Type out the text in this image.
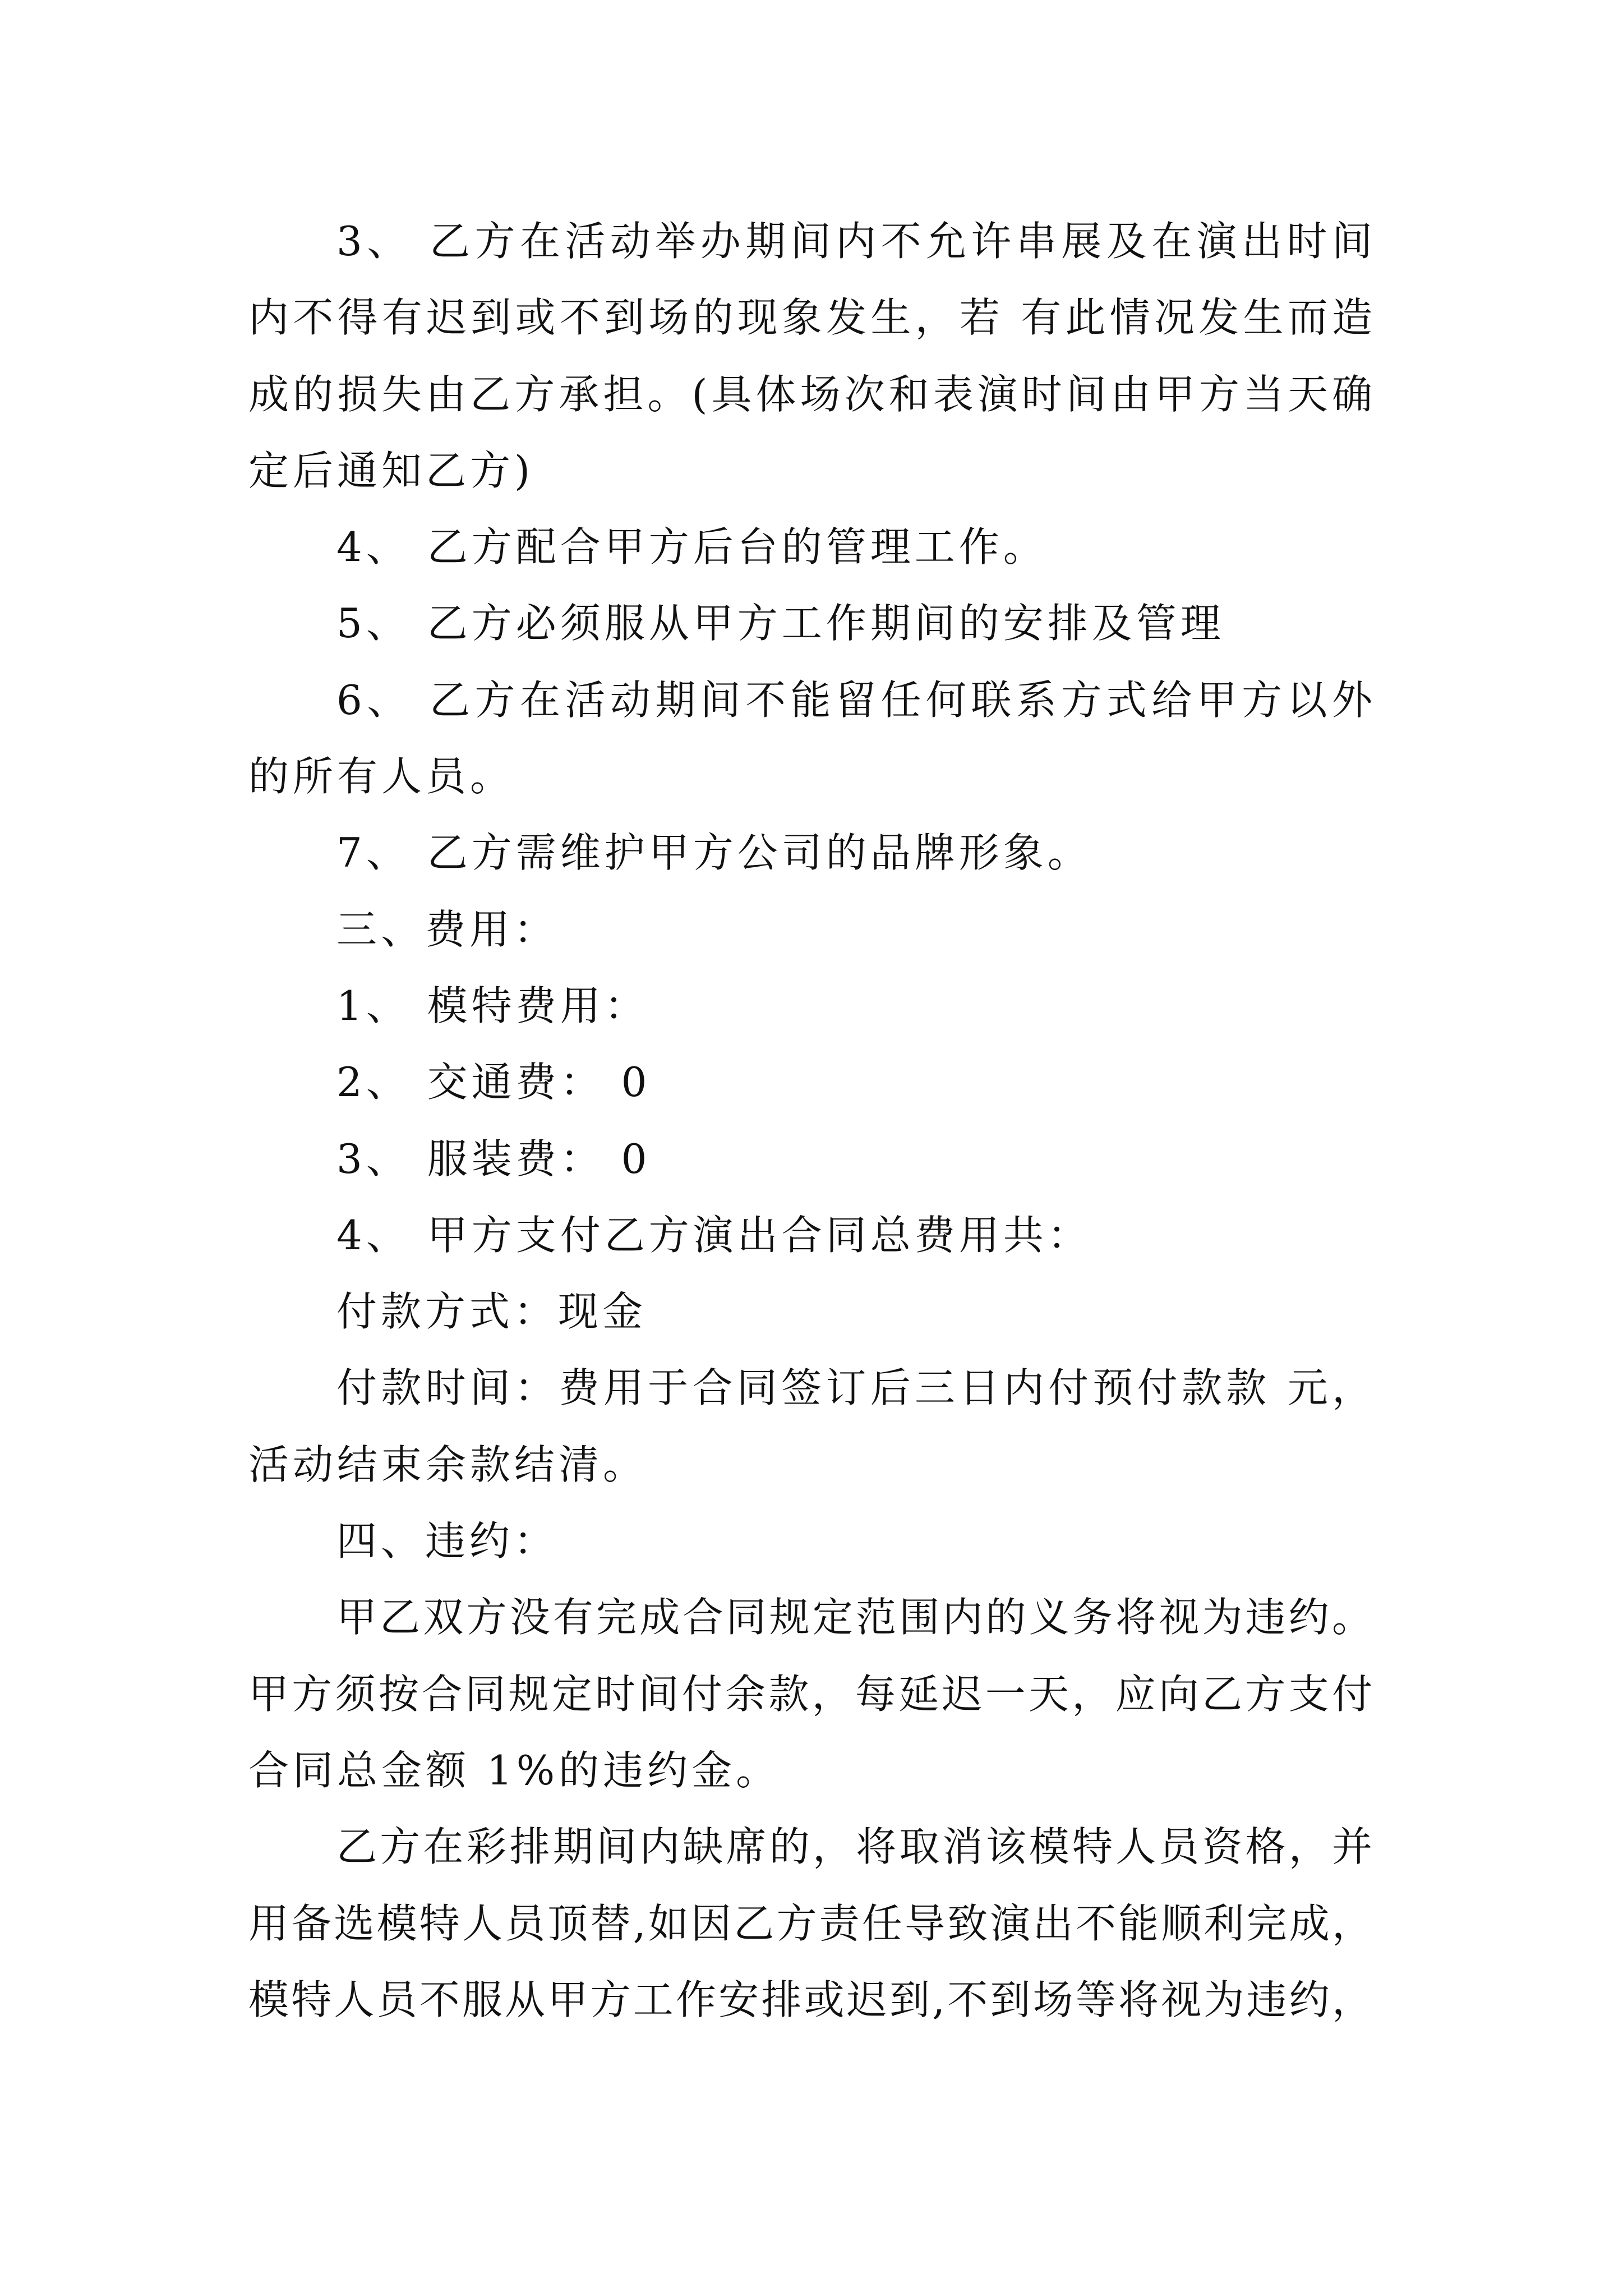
3、 乙方在活动举办期间内不允许串展及在演出时间
内不得有迟到或不到场的现象发生，若 有此情况发生而造
成的损失由乙方承担。(具体场次和表演时间由甲方当天确
定后通知乙方)
4、 乙方配合甲方后台的管理工作。
5、 乙方必须服从甲方工作期间的安排及管理
6、 乙方在活动期间不能留任何联系方式给甲方以外
的所有人员。
7、 乙方需维护甲方公司的品牌形象。
三、费用：
1、 模特费用：
2、 交通费： 0
3、 服装费： 0
4、 甲方支付乙方演出合同总费用共：
付款方式：现金
付款时间：费用于合同签订后三日内付预付款款 元，
活动结束余款结清。
四、违约：
甲乙双方没有完成合同规定范围内的义务将视为违约。
甲方须按合同规定时间付余款，每延迟一天，应向乙方支付
合同总金额 1%的违约金。
乙方在彩排期间内缺席的，将取消该模特人员资格，并
用备选模特人员顶替,如因乙方责任导致演出不能顺利完成，
模特人员不服从甲方工作安排或迟到,不到场等将视为违约，
